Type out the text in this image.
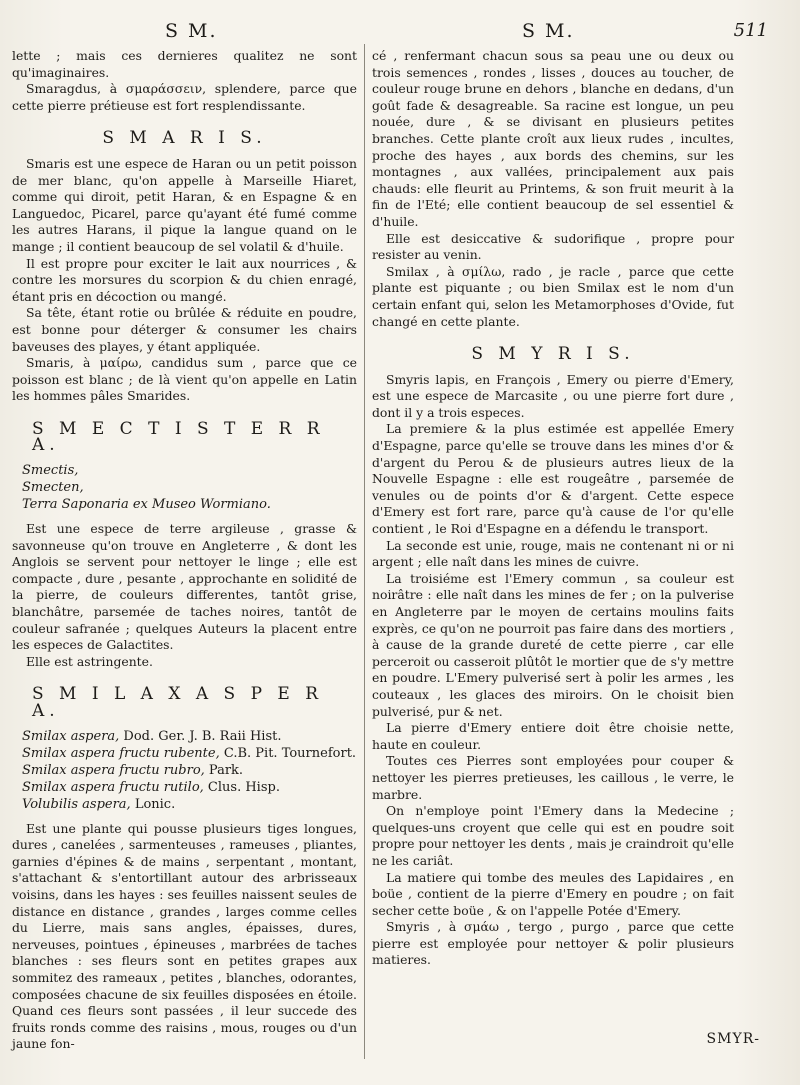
S M.	S M.	511

lette ; mais ces dernieres qualitez ne sont qu'imaginaires.

Smaragdus, à σμαράσσειν, splendere, parce que cette pierre prétieuse est fort resplendissante.

S M A R I S.

Smaris est une espece de Haran ou un petit poisson de mer blanc, qu'on appelle à Marseille Hiaret, comme qui diroit, petit Haran, & en Espagne & en Languedoc, Picarel, parce qu'ayant été fumé comme les autres Harans, il pique la langue quand on le mange ; il contient beaucoup de sel volatil & d'huile.

Il est propre pour exciter le lait aux nourrices , & contre les morsures du scorpion & du chien enragé, étant pris en décoction ou mangé.

Sa tête, étant rotie ou brûlée & réduite en poudre, est bonne pour déterger & consumer les chairs baveuses des playes, y étant appliquée.

Smaris, à μαίρω, candidus sum , parce que ce poisson est blanc ; de là vient qu'on appelle en Latin les hommes pâles Smarides.

S M E C T I S T E R R A.
Smectis,
Smecten,
Terra Saponaria ex Museo Wormiano.

Est une espece de terre argileuse , grasse & savonneuse qu'on trouve en Angleterre , & dont les Anglois se servent pour nettoyer le linge ; elle est compacte , dure , pesante , approchante en solidité de la pierre, de couleurs differentes, tantôt grise, blanchâtre, parsemée de taches noires, tantôt de couleur safranée ; quelques Auteurs la placent entre les especes de Galactites.

Elle est astringente.

S M I L A X A S P E R A.
Smilax aspera, Dod. Ger. J. B. Raii Hist.
Smilax aspera fructu rubente, C.B. Pit. Tournefort.
Smilax aspera fructu rubro, Park.
Smilax aspera fructu rutilo, Clus. Hisp.
Volubilis aspera, Lonic.

Est une plante qui pousse plusieurs tiges longues, dures , canelées , sarmenteuses , rameuses , pliantes, garnies d'épines & de mains , serpentant , montant, s'attachant & s'entortillant autour des arbrisseaux voisins, dans les hayes : ses feuilles naissent seules de distance en distance , grandes , larges comme celles du Lierre, mais sans angles, épaisses, dures, nerveuses, pointues , épineuses , marbrées de taches blanches : ses fleurs sont en petites grapes aux sommitez des rameaux , petites , blanches, odorantes, composées chacune de six feuilles disposées en étoile. Quand ces fleurs sont passées , il leur succede des fruits ronds comme des raisins , mous, rouges ou d'un jaune fon-

cé , renfermant chacun sous sa peau une ou deux ou trois semences , rondes , lisses , douces au toucher, de couleur rouge brune en dehors , blanche en dedans, d'un goût fade & desagreable. Sa racine est longue, un peu nouée, dure , & se divisant en plusieurs petites branches. Cette plante croît aux lieux rudes , incultes, proche des hayes , aux bords des chemins, sur les montagnes , aux vallées, principalement aux pais chauds: elle fleurit au Printems, & son fruit meurit à la fin de l'Eté; elle contient beaucoup de sel essentiel & d'huile.

Elle est desiccative & sudorifique , propre pour resister au venin.

Smilax , à σμίλω, rado , je racle , parce que cette plante est piquante ; ou bien Smilax est le nom d'un certain enfant qui, selon les Metamorphoses d'Ovide, fut changé en cette plante.

S M Y R I S.

Smyris lapis, en François , Emery ou pierre d'Emery, est une espece de Marcasite , ou une pierre fort dure , dont il y a trois especes.

La premiere & la plus estimée est appellée Emery d'Espagne, parce qu'elle se trouve dans les mines d'or & d'argent du Perou & de plusieurs autres lieux de la Nouvelle Espagne : elle est rougeâtre , parsemée de venules ou de points d'or & d'argent. Cette espece d'Emery est fort rare, parce qu'à cause de l'or qu'elle contient , le Roi d'Espagne en a défendu le transport.

La seconde est unie, rouge, mais ne contenant ni or ni argent ; elle naît dans les mines de cuivre.

La troisiéme est l'Emery commun , sa couleur est noirâtre : elle naît dans les mines de fer ; on la pulverise en Angleterre par le moyen de certains moulins faits exprès, ce qu'on ne pourroit pas faire dans des mortiers , à cause de la grande dureté de cette pierre , car elle perceroit ou casseroit plûtôt le mortier que de s'y mettre en poudre. L'Emery pulverisé sert à polir les armes , les couteaux , les glaces des miroirs. On le choisit bien pulverisé, pur & net.

La pierre d'Emery entiere doit être choisie nette, haute en couleur.

Toutes ces Pierres sont employées pour couper & nettoyer les pierres pretieuses, les caillous , le verre, le marbre.

On n'employe point l'Emery dans la Medecine ; quelques-uns croyent que celle qui est en poudre soit propre pour nettoyer les dents , mais je craindroit qu'elle ne les cariât.

La matiere qui tombe des meules des Lapidaires , en boüe , contient de la pierre d'Emery en poudre ; on fait secher cette boüe , & on l'appelle Potée d'Emery.

Smyris , à σμάω , tergo , purgo , parce que cette pierre est employée pour nettoyer & polir plusieurs matieres.

SMYR-
